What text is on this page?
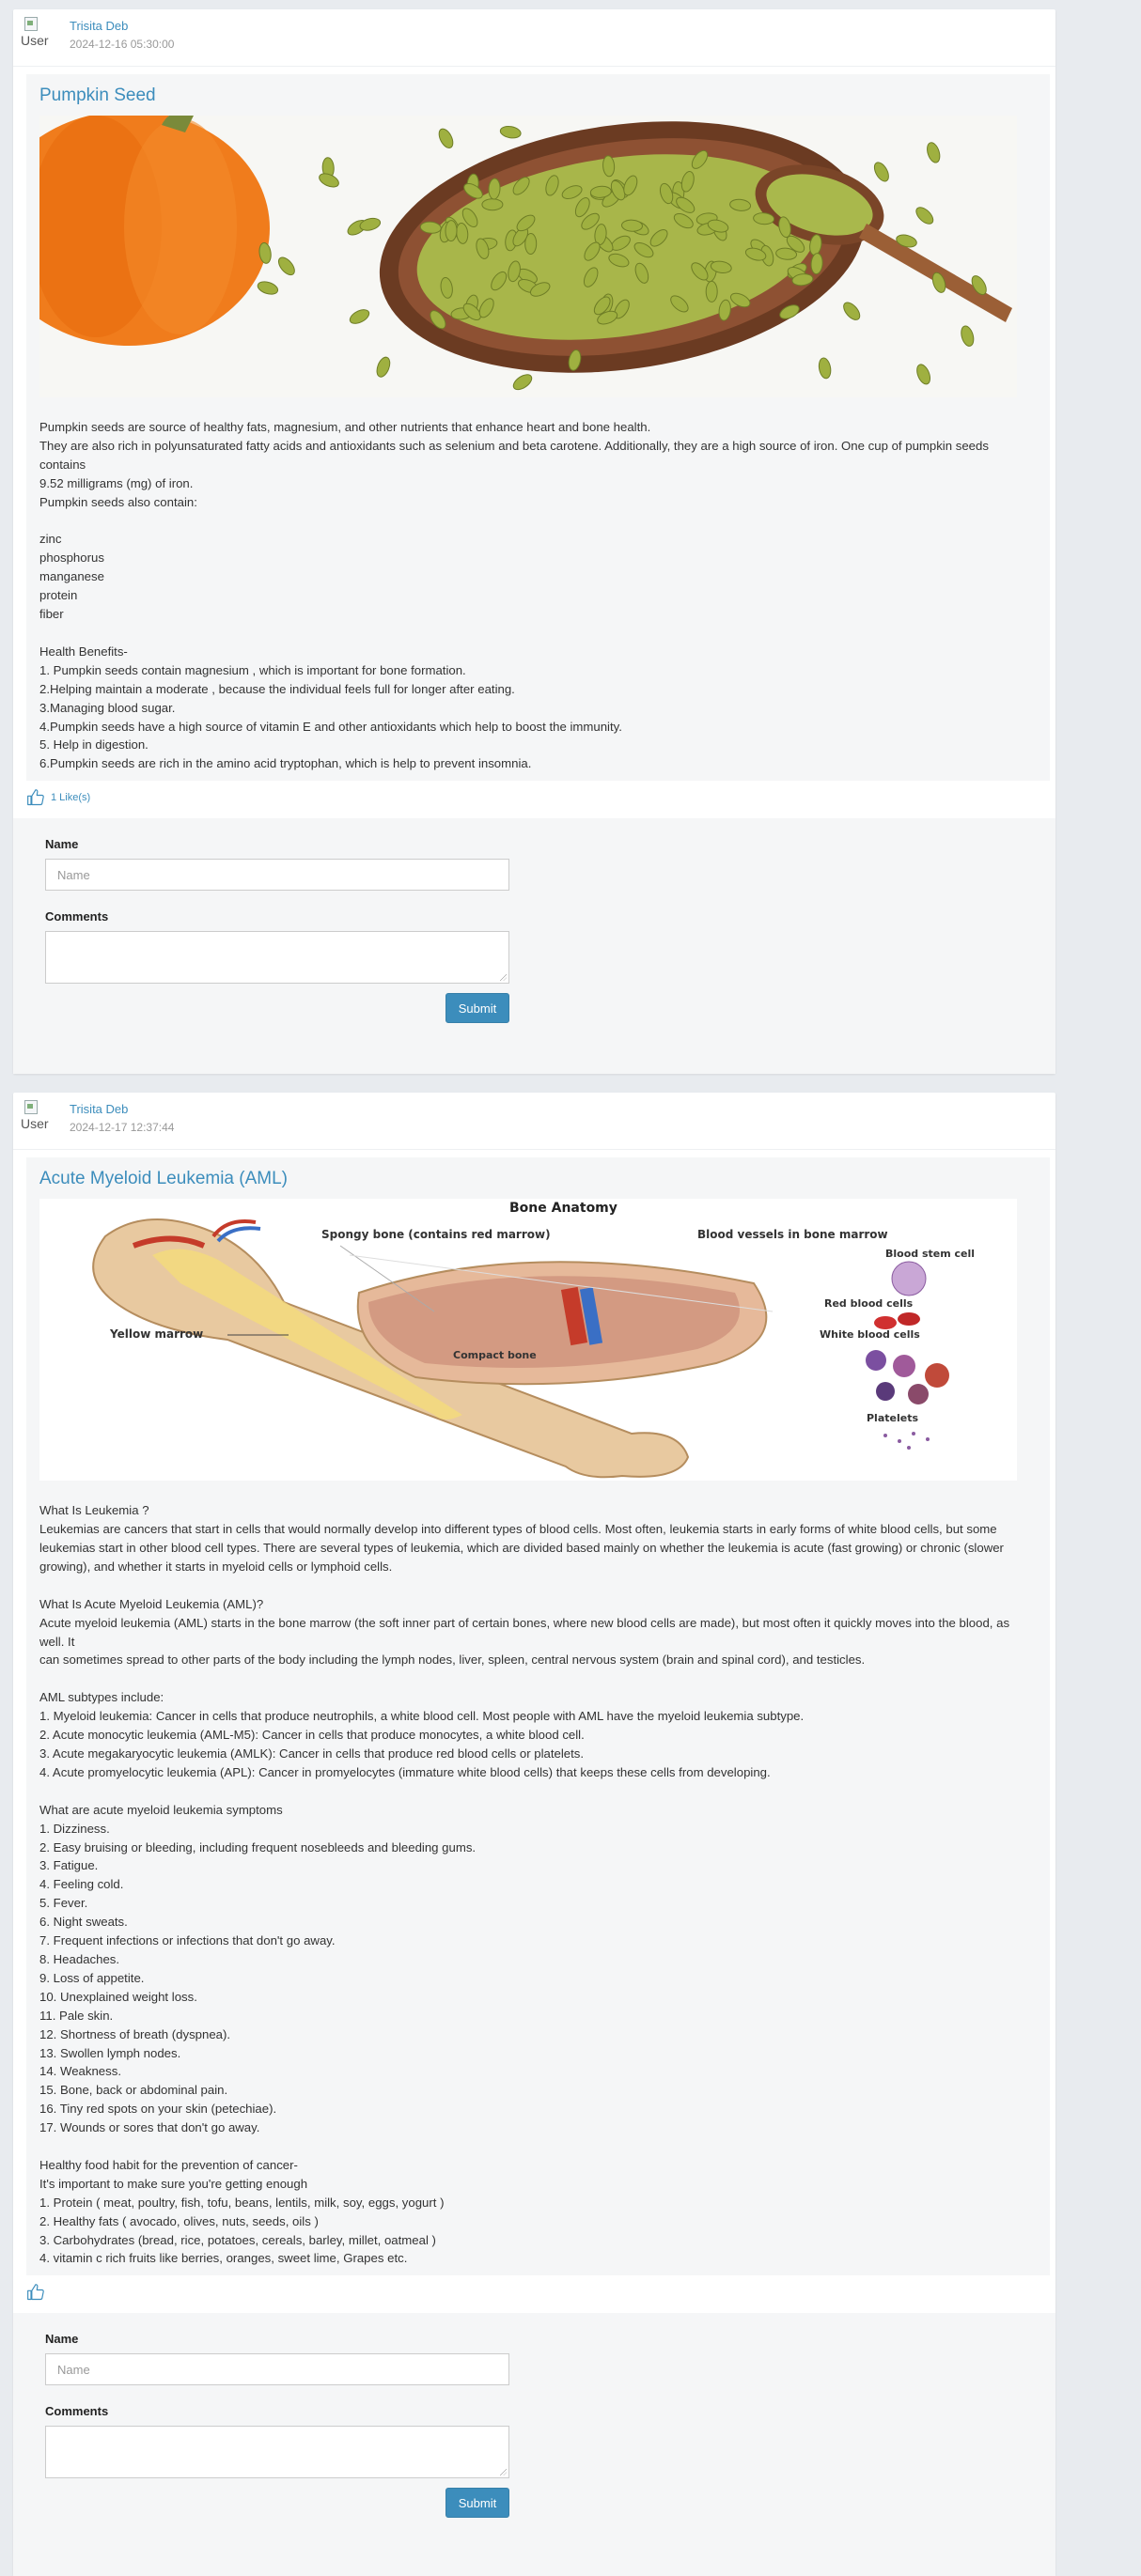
User
Trisita Deb
2024-12-16 05:30:00
Pumpkin Seed
Pumpkin seeds are source of healthy fats, magnesium, and other nutrients that enhance heart and bone health.
They are also rich in polyunsaturated fatty acids and antioxidants such as selenium and beta carotene. Additionally, they are a high source of iron. One cup of pumpkin seeds contains
9.52 milligrams (mg) of iron.
Pumpkin seeds also contain:

zinc
phosphorus
manganese
protein
fiber

Health Benefits-
1. Pumpkin seeds contain magnesium , which is important for bone formation.
2.Helping maintain a moderate , because the individual feels full for longer after eating.
3.Managing blood sugar.
4.Pumpkin seeds have a high source of vitamin E and other antioxidants which help to boost the immunity.
5. Help in digestion.
6.Pumpkin seeds are rich in the amino acid tryptophan, which is help to prevent insomnia.
1 Like(s)
Name
Name
Comments
Submit
User
Trisita Deb
2024-12-17 12:37:44
Acute Myeloid Leukemia (AML)
Bone Anatomy
Spongy bone (contains red marrow)	Blood vessels in bone marrow
Blood stem cell
Red blood cells
Yellow marrow
Compact bone
White blood cells
Platelets
What Is Leukemia ?
Leukemias are cancers that start in cells that would normally develop into different types of blood cells. Most often, leukemia starts in early forms of white blood cells, but some
leukemias start in other blood cell types. There are several types of leukemia, which are divided based mainly on whether the leukemia is acute (fast growing) or chronic (slower
growing), and whether it starts in myeloid cells or lymphoid cells.

What Is Acute Myeloid Leukemia (AML)?
Acute myeloid leukemia (AML) starts in the bone marrow (the soft inner part of certain bones, where new blood cells are made), but most often it quickly moves into the blood, as well. It
can sometimes spread to other parts of the body including the lymph nodes, liver, spleen, central nervous system (brain and spinal cord), and testicles.

AML subtypes include:
1. Myeloid leukemia: Cancer in cells that produce neutrophils, a white blood cell. Most people with AML have the myeloid leukemia subtype.
2. Acute monocytic leukemia (AML-M5): Cancer in cells that produce monocytes, a white blood cell.
3. Acute megakaryocytic leukemia (AMLK): Cancer in cells that produce red blood cells or platelets.
4. Acute promyelocytic leukemia (APL): Cancer in promyelocytes (immature white blood cells) that keeps these cells from developing.

What are acute myeloid leukemia symptoms
1. Dizziness.
2. Easy bruising or bleeding, including frequent nosebleeds and bleeding gums.
3. Fatigue.
4. Feeling cold.
5. Fever.
6. Night sweats.
7. Frequent infections or infections that don't go away.
8. Headaches.
9. Loss of appetite.
10. Unexplained weight loss.
11. Pale skin.
12. Shortness of breath (dyspnea).
13. Swollen lymph nodes.
14. Weakness.
15. Bone, back or abdominal pain.
16. Tiny red spots on your skin (petechiae).
17. Wounds or sores that don't go away.

Healthy food habit for the prevention of cancer-
It's important to make sure you're getting enough
1. Protein ( meat, poultry, fish, tofu, beans, lentils, milk, soy, eggs, yogurt )
2. Healthy fats ( avocado, olives, nuts, seeds, oils )
3. Carbohydrates (bread, rice, potatoes, cereals, barley, millet, oatmeal )
4. vitamin c rich fruits like berries, oranges, sweet lime, Grapes etc.
Name
Name
Comments
Submit
